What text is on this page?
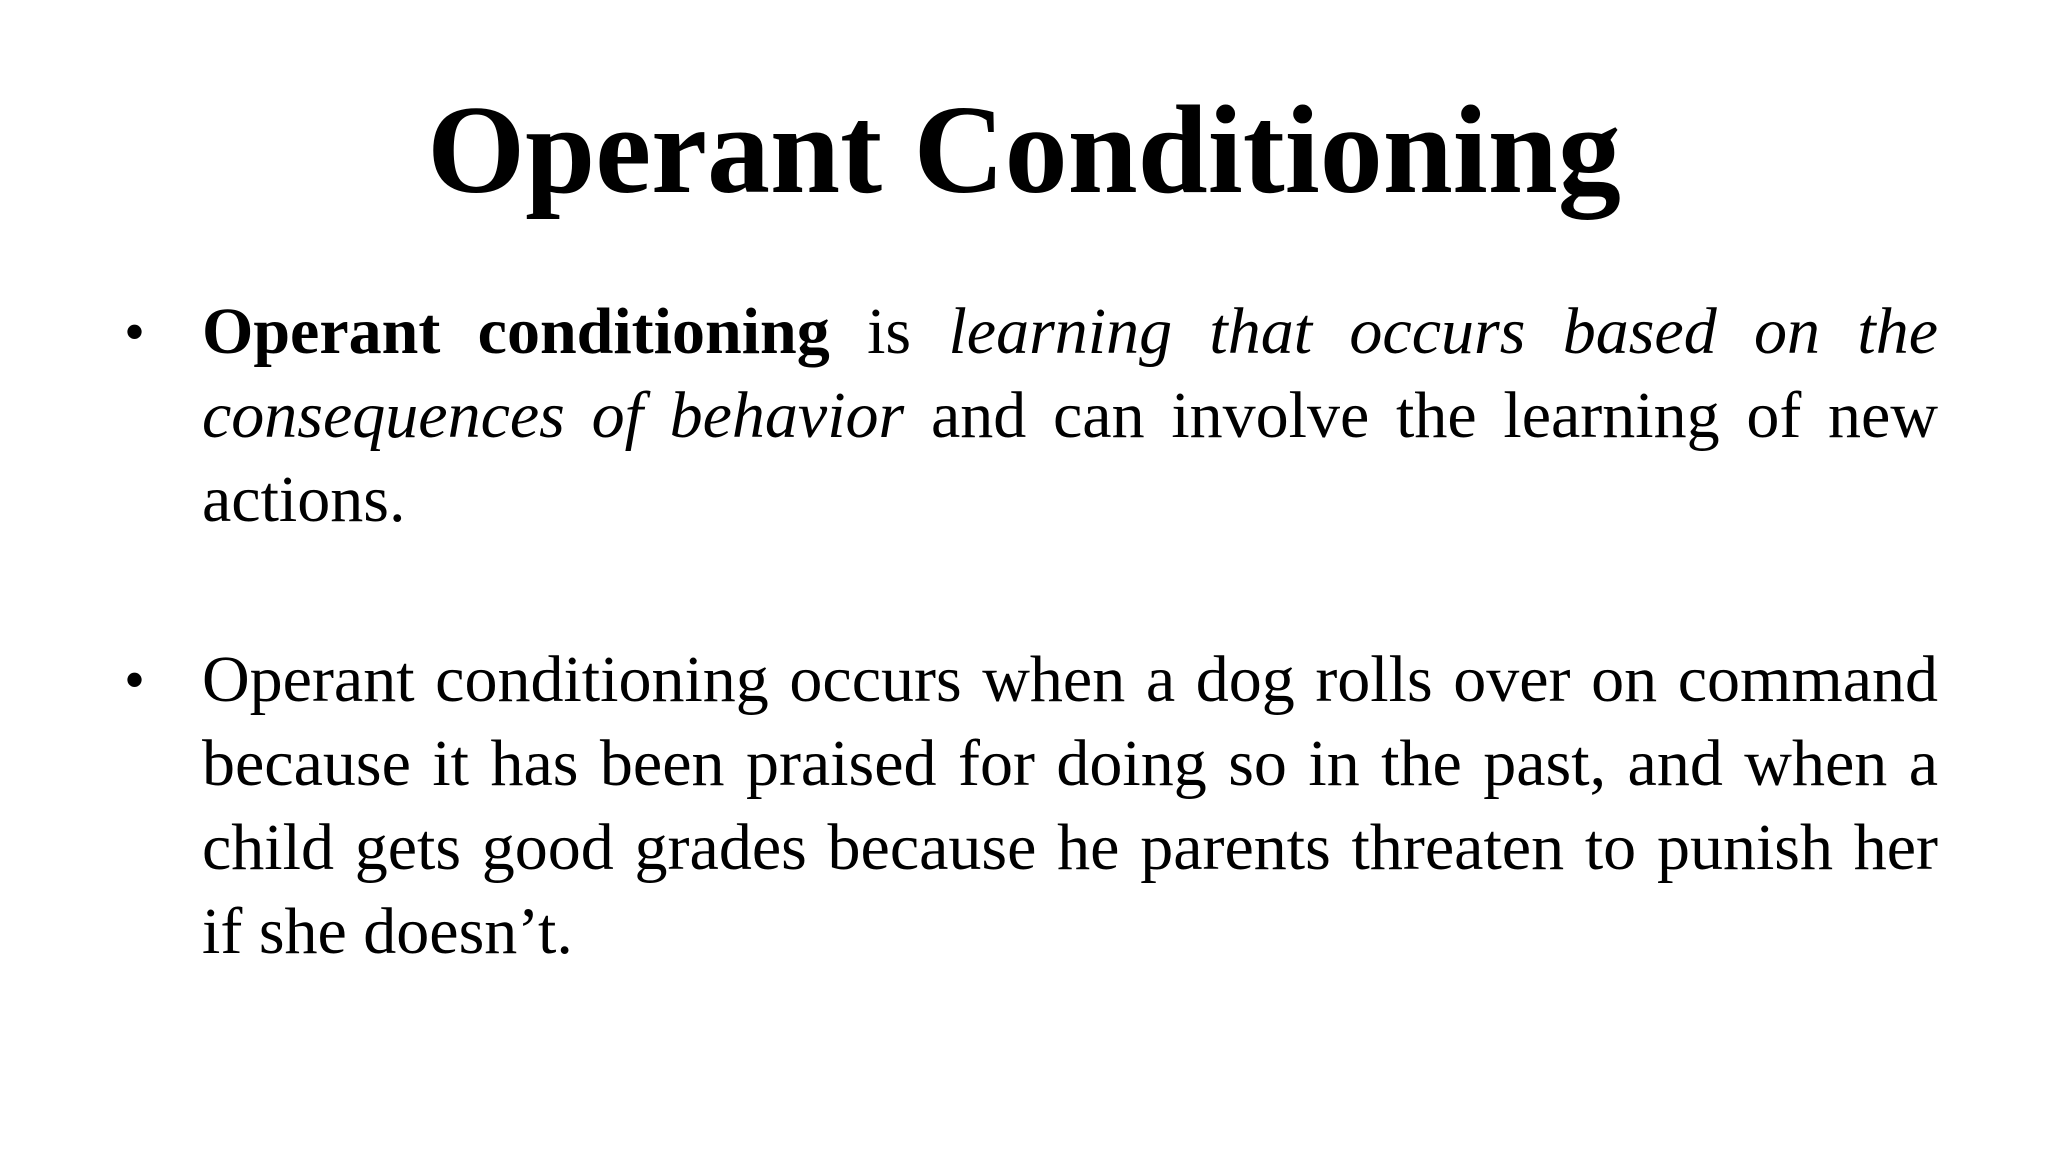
Operant Conditioning
• Operant conditioning is learning that occurs based on the consequences of behavior and can involve the learning of new actions.
• Operant conditioning occurs when a dog rolls over on command because it has been praised for doing so in the past, and when a child gets good grades because he parents threaten to punish her if she doesn’t.
